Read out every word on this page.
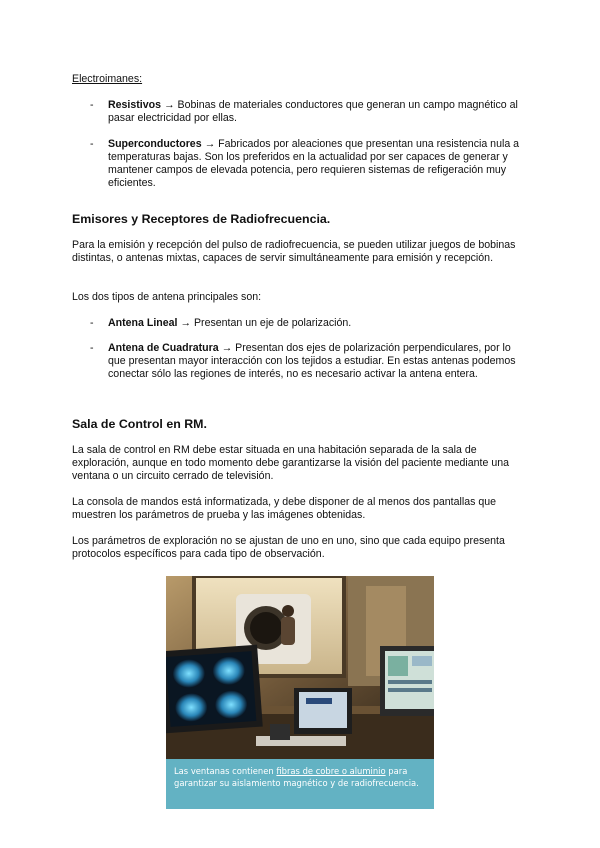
Electroimanes:

- Resistivos → Bobinas de materiales conductores que generan un campo magnético al pasar electricidad por ellas.

- Superconductores → Fabricados por aleaciones que presentan una resistencia nula a temperaturas bajas. Son los preferidos en la actualidad por ser capaces de generar y mantener campos de elevada potencia, pero requieren sistemas de refigeración muy eficientes.

Emisores y Receptores de Radiofrecuencia.

Para la emisión y recepción del pulso de radiofrecuencia, se pueden utilizar juegos de bobinas distintas, o antenas mixtas, capaces de servir simultáneamente para emisión y recepción.

Los dos tipos de antena principales son:

- Antena Lineal → Presentan un eje de polarización.

- Antena de Cuadratura → Presentan dos ejes de polarización perpendiculares, por lo que presentan mayor interacción con los tejidos a estudiar. En estas antenas podemos conectar sólo las regiones de interés, no es necesario activar la antena entera.

Sala de Control en RM.

La sala de control en RM debe estar situada en una habitación separada de la sala de exploración, aunque en todo momento debe garantizarse la visión del paciente mediante una ventana o un circuito cerrado de televisión.

La consola de mandos está informatizada, y debe disponer de al menos dos pantallas que muestren los parámetros de prueba y las imágenes obtenidas.

Los parámetros de exploración no se ajustan de uno en uno, sino que cada equipo presenta protocolos específicos para cada tipo de observación.

Las ventanas contienen fibras de cobre o aluminio para garantizar su aislamiento magnético y de radiofrecuencia.
